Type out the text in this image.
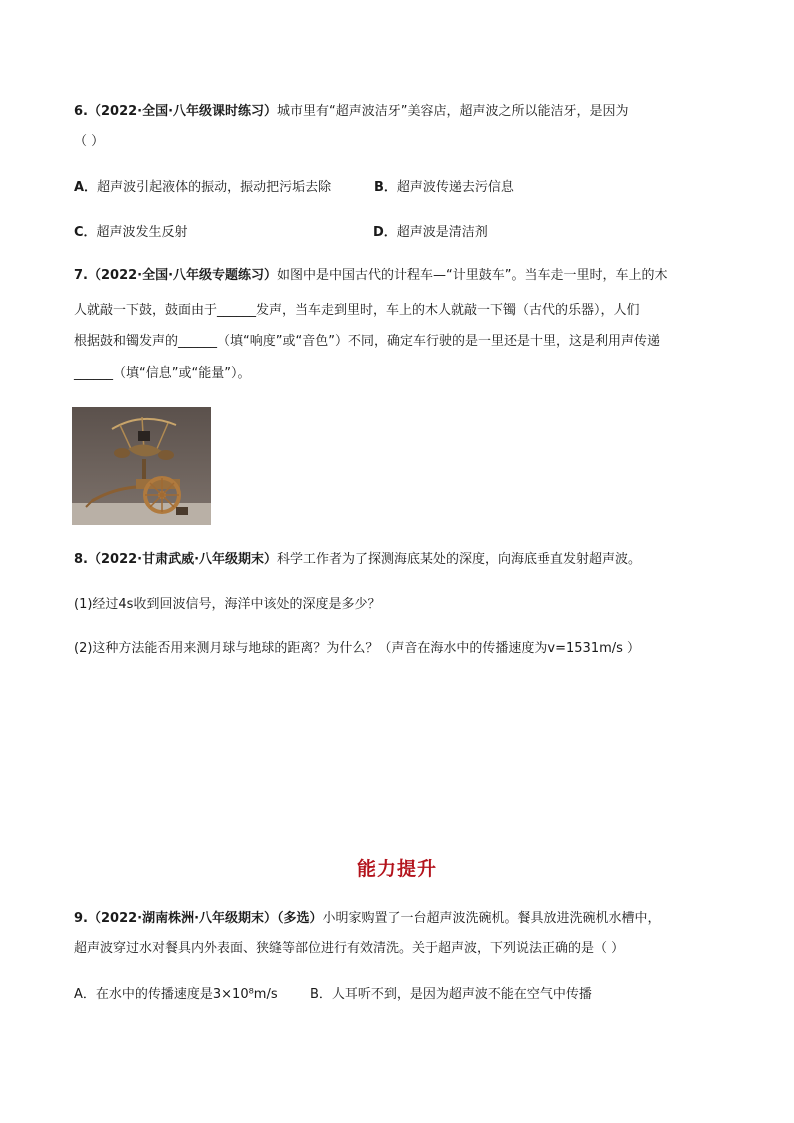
6.（2022·全国·八年级课时练习）城市里有“超声波洁牙”美容店，超声波之所以能洁牙，是因为
（ ）
A．超声波引起液体的振动，振动把污垢去除	B．超声波传递去污信息
C．超声波发生反射	D．超声波是清洁剂
7.（2022·全国·八年级专题练习）如图中是中国古代的计程车—“计里鼓车”。当车走一里时，车上的木
人就敲一下鼓，鼓面由于______发声，当车走到里时，车上的木人就敲一下镯（古代的乐器），人们
根据鼓和镯发声的______（填“响度”或“音色”）不同，确定车行驶的是一里还是十里，这是利用声传递
______（填“信息”或“能量”）。
8.（2022·甘肃武威·八年级期末）科学工作者为了探测海底某处的深度，向海底垂直发射超声波。
(1)经过4s收到回波信号，海洋中该处的深度是多少？
(2)这种方法能否用来测月球与地球的距离？为什么？（声音在海水中的传播速度为v=1531m/s ）
能力提升
9.（2022·湖南株洲·八年级期末）（多选）小明家购置了一台超声波洗碗机。餐具放进洗碗机水槽中，
超声波穿过水对餐具内外表面、狭缝等部位进行有效清洗。关于超声波，下列说法正确的是（ ）
A．在水中的传播速度是3×10⁸m/s B．人耳听不到，是因为超声波不能在空气中传播
